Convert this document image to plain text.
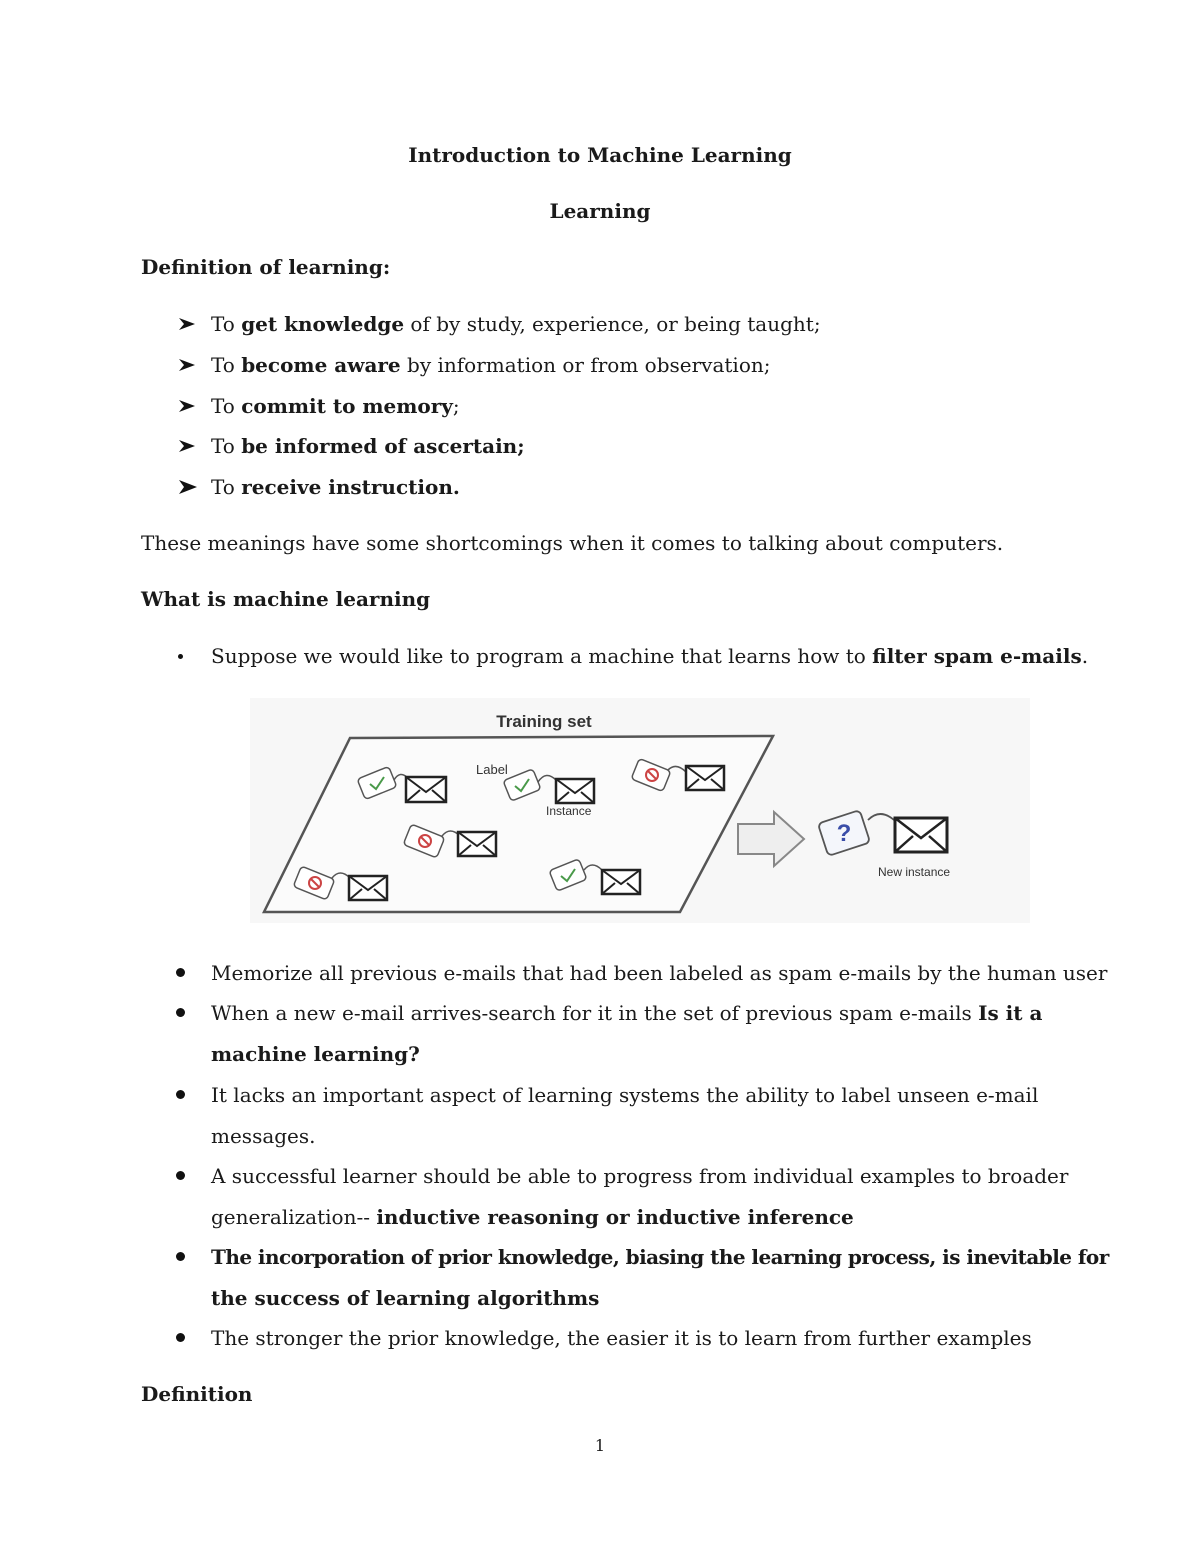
Introduction to Machine Learning
Learning
Definition of learning:
To get knowledge of by study, experience, or being taught;
To become aware by information or from observation;
To commit to memory;
To be informed of ascertain;
To receive instruction.
These meanings have some shortcomings when it comes to talking about computers.
What is machine learning
Suppose we would like to program a machine that learns how to filter spam e-mails.
Training set
Label
Instance
New instance
?
Memorize all previous e-mails that had been labeled as spam e-mails by the human user
When a new e-mail arrives-search for it in the set of previous spam e-mails Is it a
machine learning?
It lacks an important aspect of learning systems the ability to label unseen e-mail
messages.
A successful learner should be able to progress from individual examples to broader
generalization-- inductive reasoning or inductive inference
The incorporation of prior knowledge, biasing the learning process, is inevitable for
the success of learning algorithms
The stronger the prior knowledge, the easier it is to learn from further examples
Definition
1
